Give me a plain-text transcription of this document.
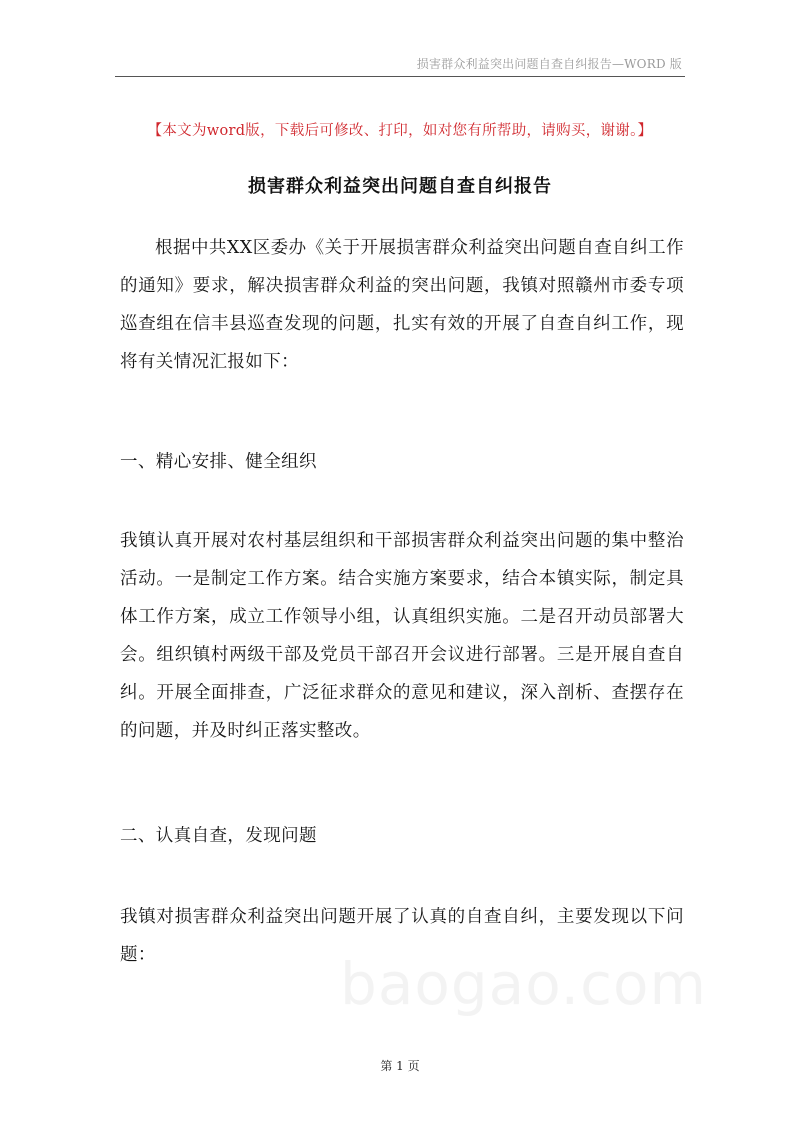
损害群众利益突出问题自查自纠报告—WORD 版
【本文为word版，下载后可修改、打印，如对您有所帮助，请购买，谢谢。】
损害群众利益突出问题自查自纠报告
根据中共XX区委办《关于开展损害群众利益突出问题自查自纠工作的通知》要求，解决损害群众利益的突出问题，我镇对照赣州市委专项巡查组在信丰县巡查发现的问题，扎实有效的开展了自查自纠工作，现将有关情况汇报如下：
一、精心安排、健全组织
我镇认真开展对农村基层组织和干部损害群众利益突出问题的集中整治活动。一是制定工作方案。结合实施方案要求，结合本镇实际，制定具体工作方案，成立工作领导小组，认真组织实施。二是召开动员部署大会。组织镇村两级干部及党员干部召开会议进行部署。三是开展自查自纠。开展全面排查，广泛征求群众的意见和建议，深入剖析、查摆存在的问题，并及时纠正落实整改。
二、认真自查，发现问题
我镇对损害群众利益突出问题开展了认真的自查自纠，主要发现以下问题：	baogao.com
第 1 页
